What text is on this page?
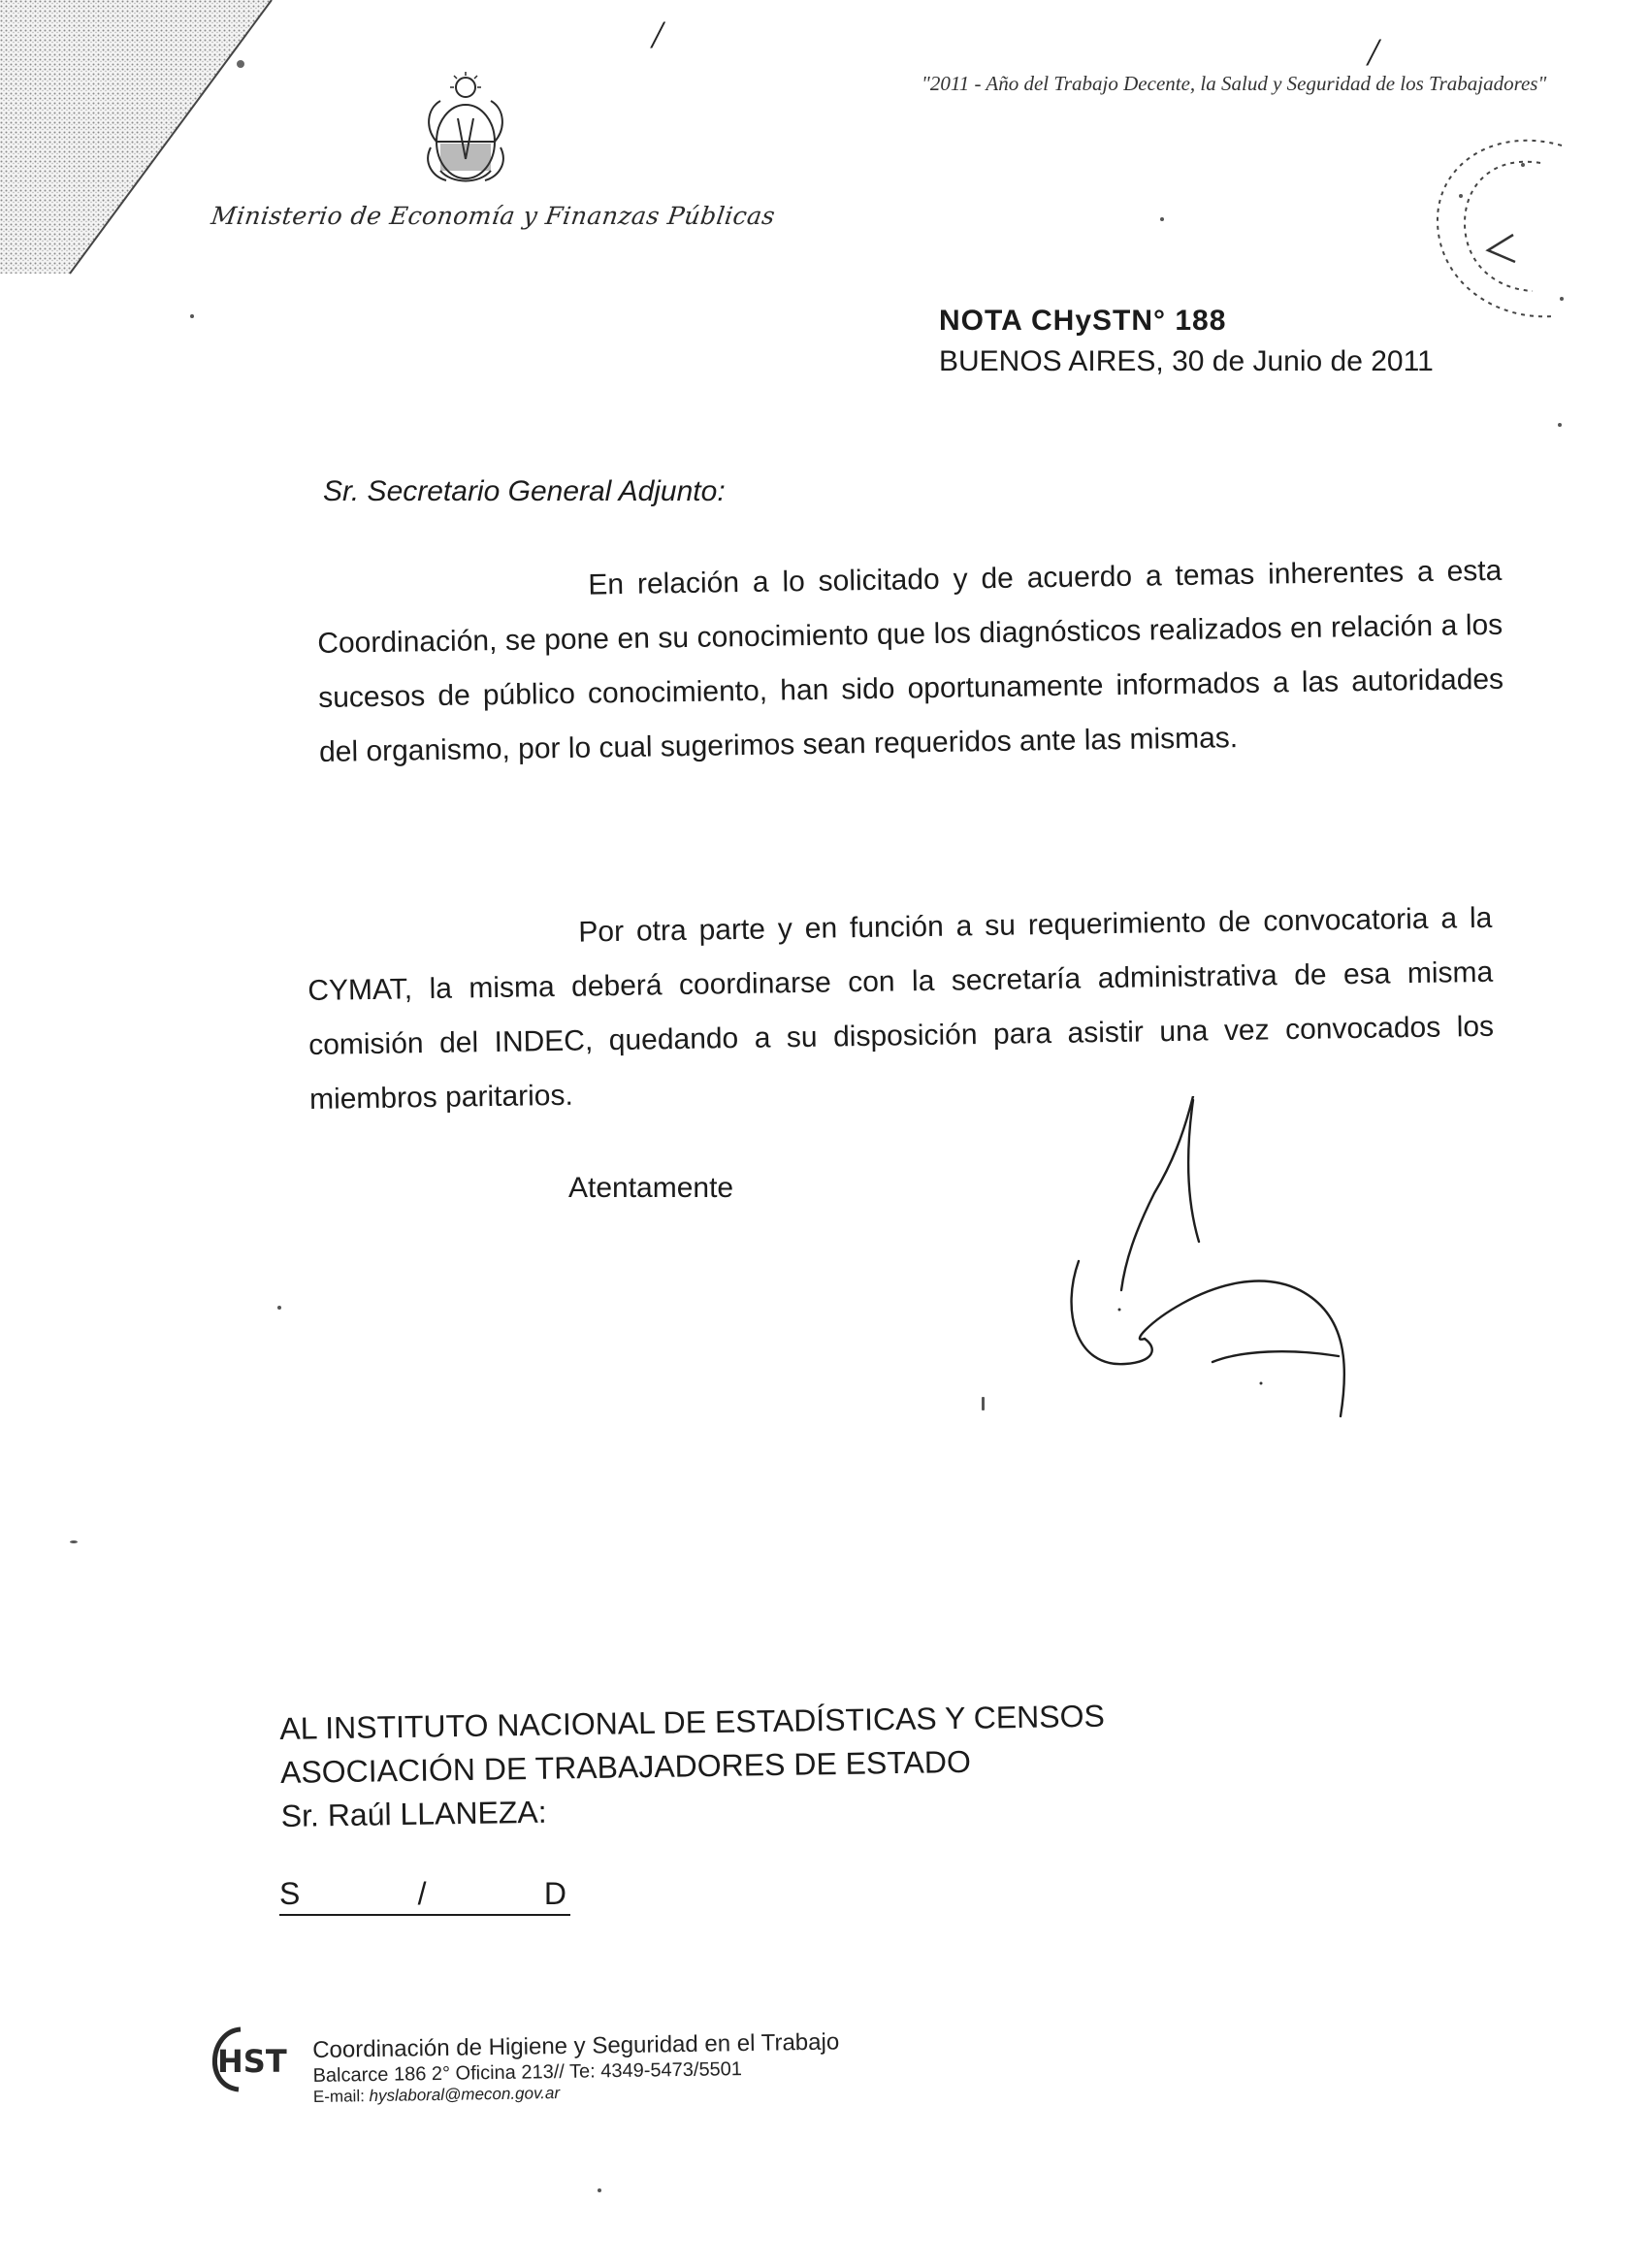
/	/
"2011 - Año del Trabajo Decente, la Salud y Seguridad de los Trabajadores"
Ministerio de Economía y Finanzas Públicas
NOTA CHySTN° 188
BUENOS AIRES, 30 de Junio de 2011
Sr. Secretario General Adjunto:
En relación a lo solicitado y de acuerdo a temas inherentes a esta Coordinación, se pone en su conocimiento que los diagnósticos realizados en relación a los sucesos de público conocimiento, han sido oportunamente informados a las autoridades del organismo, por lo cual sugerimos sean requeridos ante las mismas.
Por otra parte y en función a su requerimiento de convocatoria a la CYMAT, la misma deberá coordinarse con la secretaría administrativa de esa misma comisión del INDEC, quedando a su disposición para asistir una vez convocados los miembros paritarios.
Atentamente
​
AL INSTITUTO NACIONAL DE ESTADÍSTICAS Y CENSOS
ASOCIACIÓN DE TRABAJADORES DE ESTADO
Sr. Raúl LLANEZA:
S	/	D
HST Coordinación de Higiene y Seguridad en el Trabajo
Balcarce 186 2° Oficina 213// Te: 4349-5473/5501
E-mail: hyslaboral@mecon.gov.ar
​
